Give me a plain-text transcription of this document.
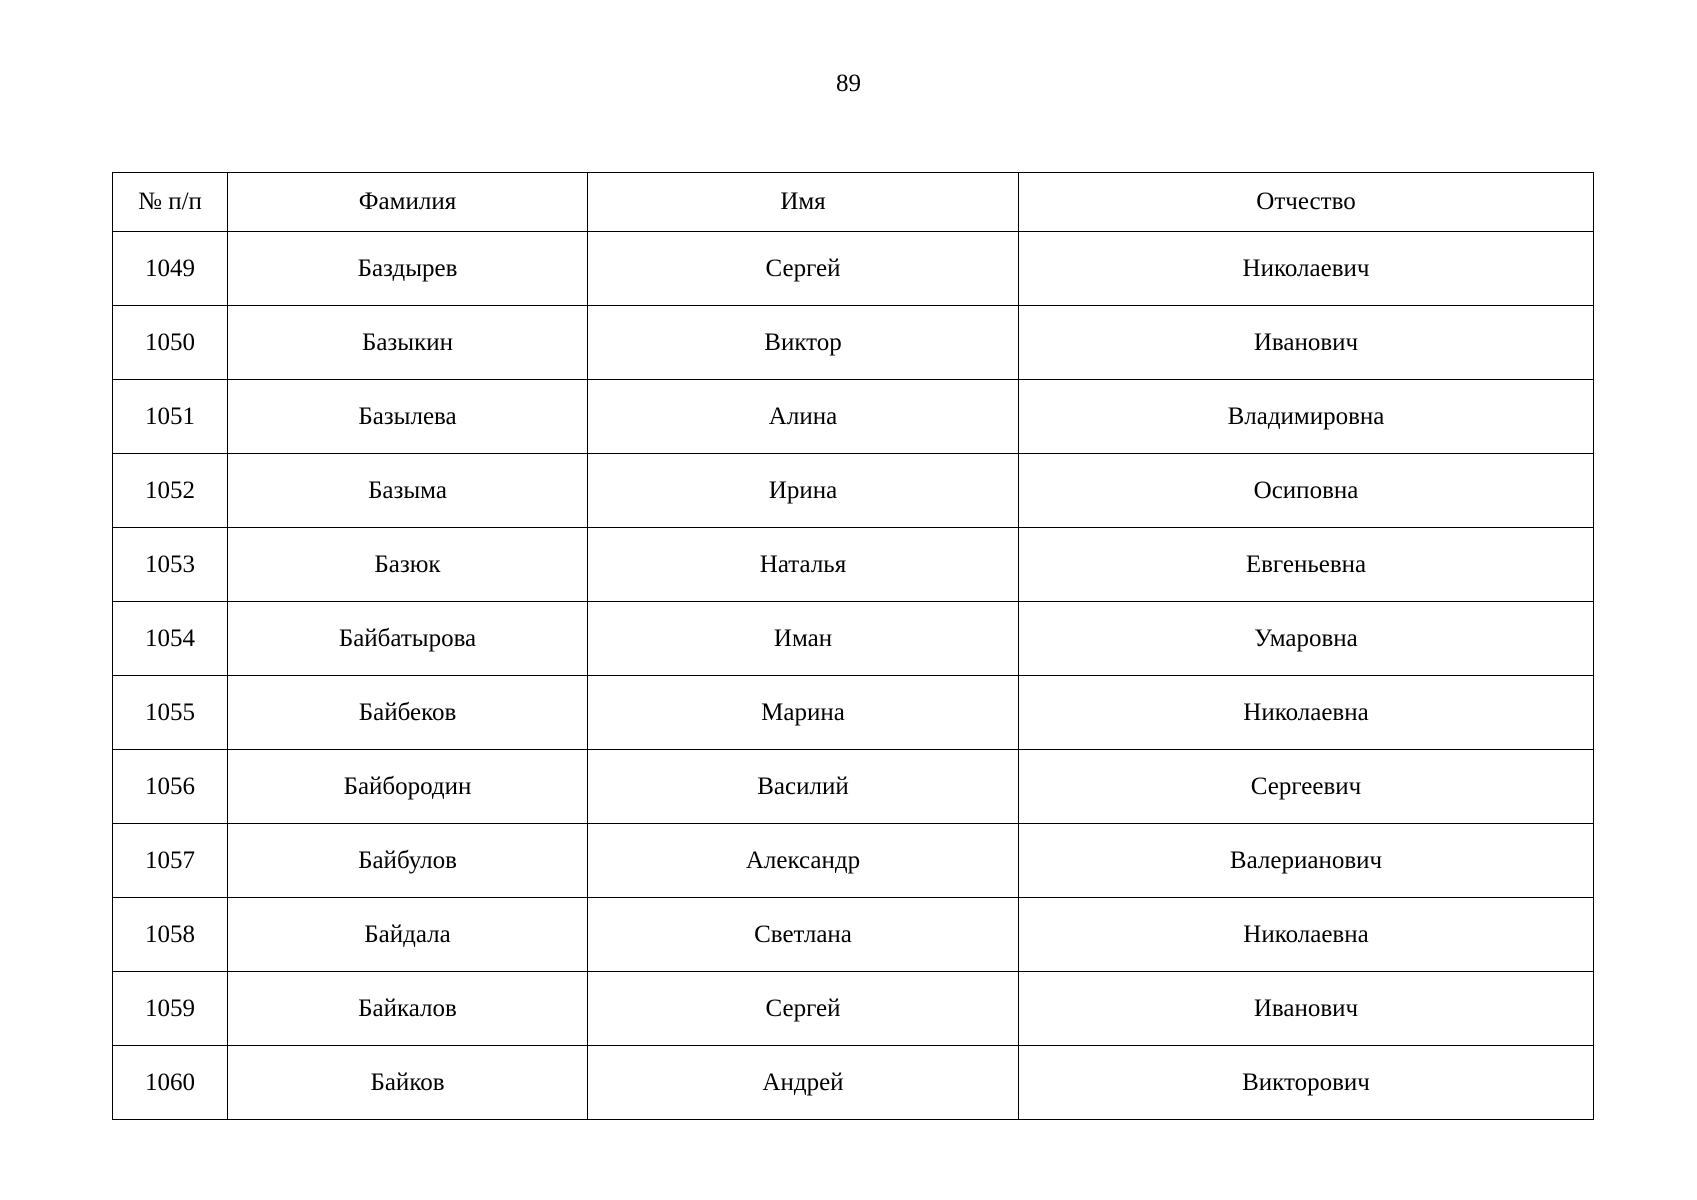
89
№ п/п	Фамилия	Имя	Отчество
1049	Баздырев	Сергей	Николаевич
1050	Базыкин	Виктор	Иванович
1051	Базылева	Алина	Владимировна
1052	Базыма	Ирина	Осиповна
1053	Базюк	Наталья	Евгеньевна
1054	Байбатырова	Иман	Умаровна
1055	Байбеков	Марина	Николаевна
1056	Байбородин	Василий	Сергеевич
1057	Байбулов	Александр	Валерианович
1058	Байдала	Светлана	Николаевна
1059	Байкалов	Сергей	Иванович
1060	Байков	Андрей	Викторович
